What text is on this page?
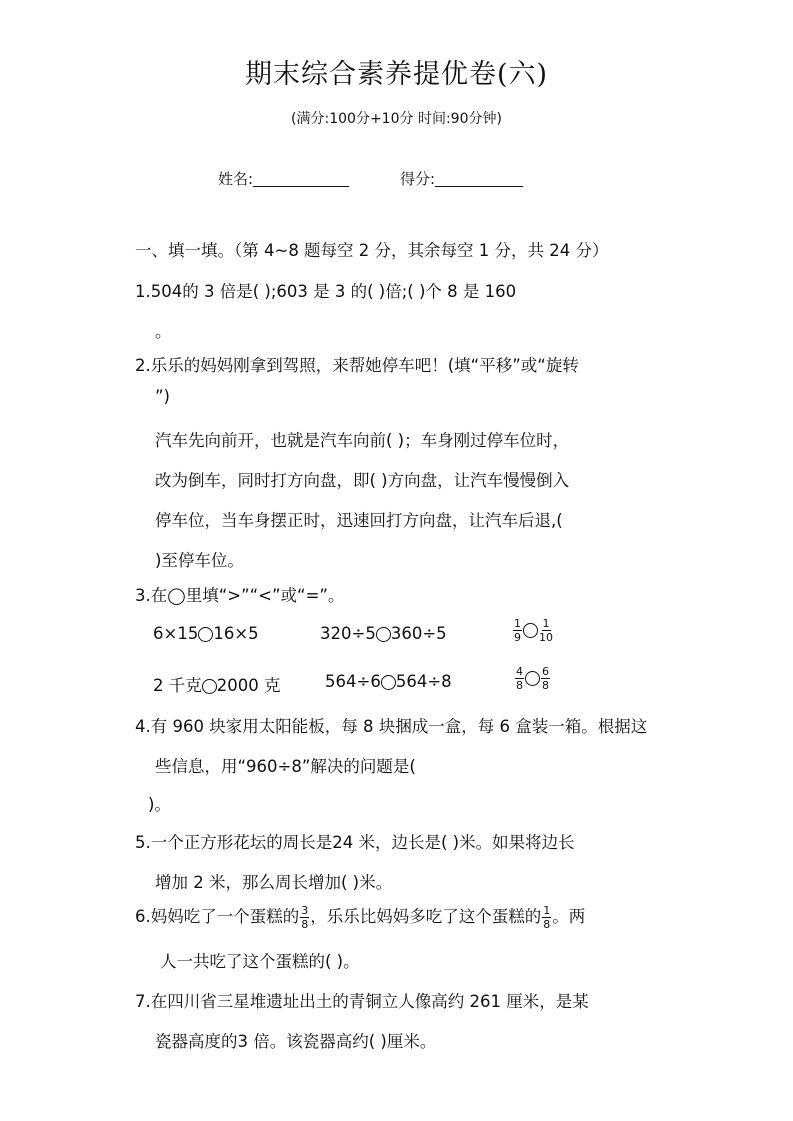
期末综合素养提优卷(六)
(满分:100分+10分 时间:90分钟)
姓名:	得分:
一、填一填。（第 4~8 题每空 2 分，其余每空 1 分，共 24 分）
1.504的 3 倍是( );603 是 3 的( )倍;( )个 8 是 160
。
2.乐乐的妈妈刚拿到驾照，来帮她停车吧！(填“平移”或“旋转
”)
汽车先向前开，也就是汽车向前( )；车身刚过停车位时，
改为倒车，同时打方向盘，即( )方向盘，让汽车慢慢倒入
停车位，当车身摆正时，迅速回打方向盘，让汽车后退,(
)至停车位。
3.在◯里填“>”“<”或“=”。
6×15 16×5	320÷5 360÷5	$\frac{1}{9} \frac{1}{10}$
2 千克 2000 克	564÷6 564÷8	$\frac{4}{8} \frac{6}{8}$
4.有 960 块家用太阳能板，每 8 块捆成一盒，每 6 盒装一箱。根据这
些信息，用“960÷8”解决的问题是(
)。
5.一个正方形花坛的周长是24 米，边长是( )米。如果将边长
增加 2 米，那么周长增加( )米。
6.妈妈吃了一个蛋糕的 $\frac{3}{8}$ ，乐乐比妈妈多吃了这个蛋糕的 $\frac{1}{8}$ 。两
人一共吃了这个蛋糕的( )。
7.在四川省三星堆遗址出土的青铜立人像高约 261 厘米，是某
瓷器高度的3 倍。该瓷器高约( )厘米。
